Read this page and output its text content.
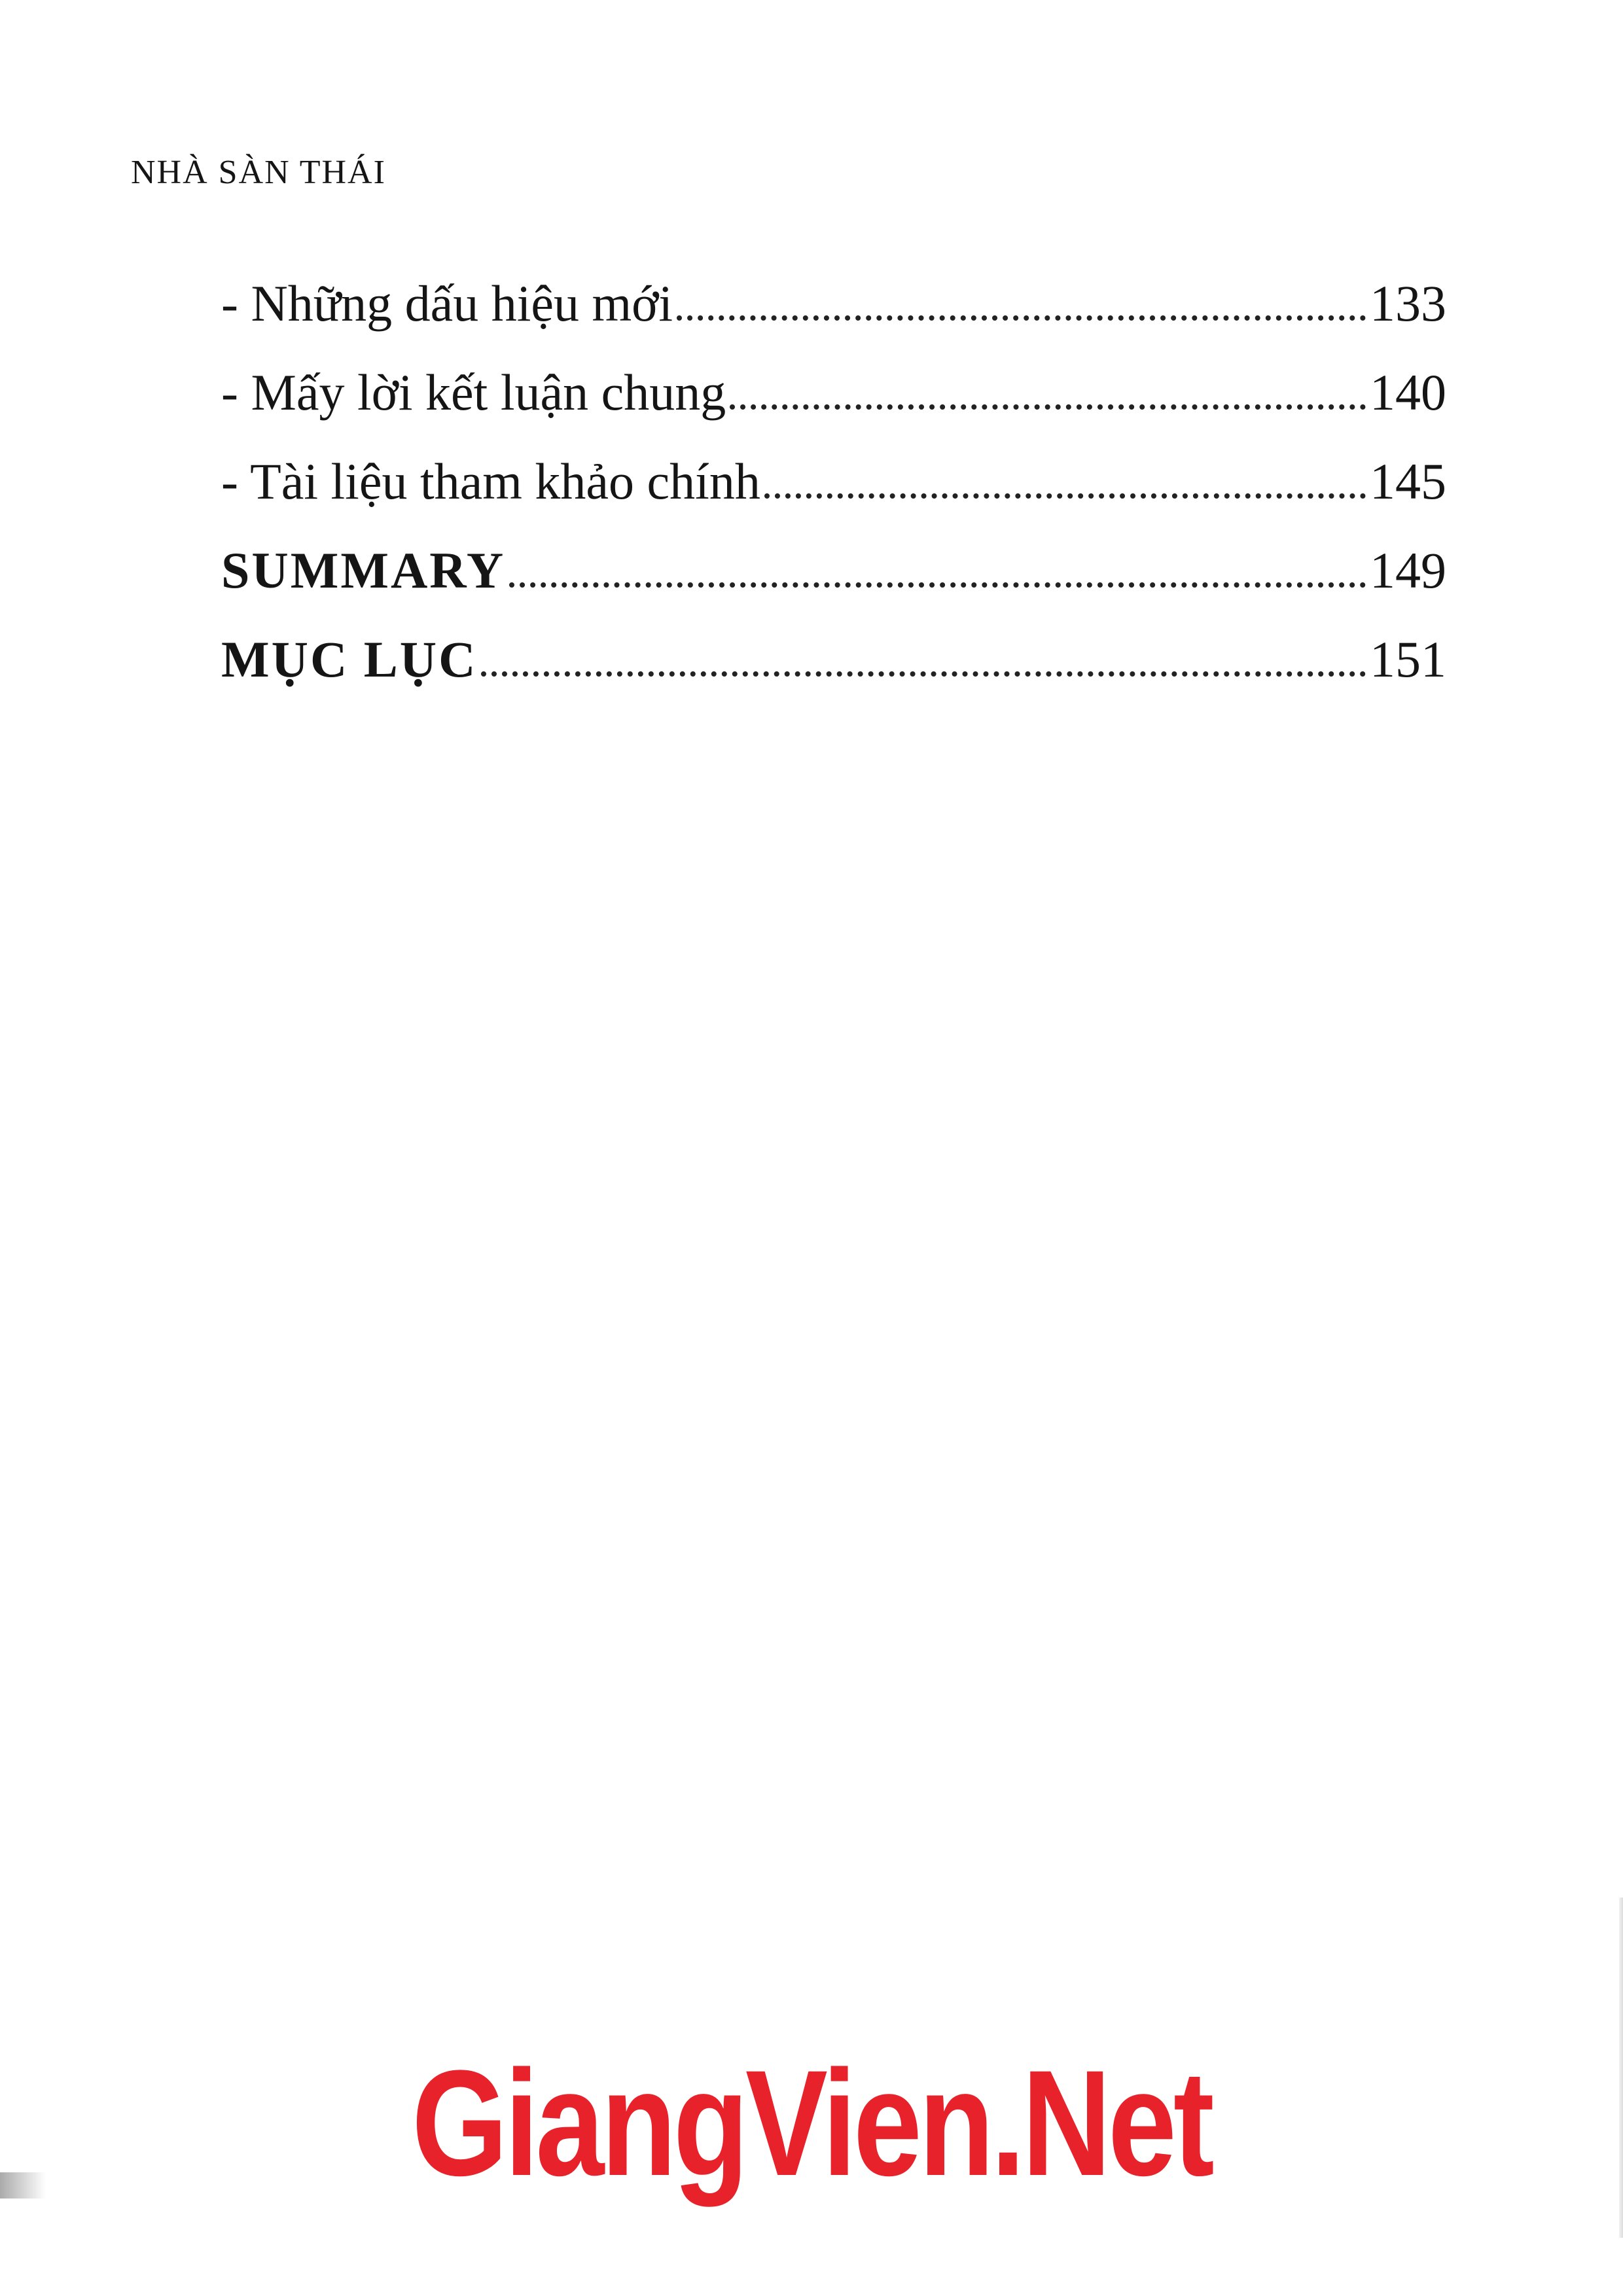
NHÀ SÀN THÁI
- Những dấu hiệu mới	133
- Mấy lời kết luận chung	140
- Tài liệu tham khảo chính	145
SUMMARY	149
MỤC LỤC	151
GiangVien.Net
